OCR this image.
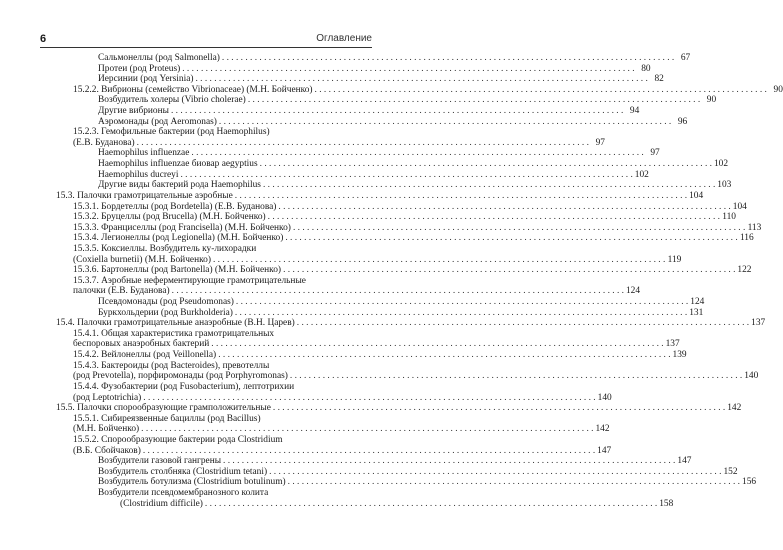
6	Оглавление
Сальмонеллы (род Salmonella) . . .	67
Протеи (род Proteus) . . .	80
Иерсинии (род Yersinia) . . .	82
15.2.2. Вибрионы (семейство Vibrionaceae) (М.Н. Бойченко) . . .	90
Возбудитель холеры (Vibrio cholerae) . . .	90
Другие вибрионы . . .	94
Аэромонады (род Aeromonas) . . .	96
15.2.3. Гемофильные бактерии (род Haemophilus)
(Е.В. Буданова) . . .	97
Haemophilus influenzae . . .	97
Haemophilus influenzae биовар aegyptius . . .	102
Haemophilus ducreyi . . .	102
Другие виды бактерий рода Haemophilus . . .	103
15.3. Палочки грамотрицательные аэробные . . .	104
15.3.1. Бордетеллы (род Bordetella) (Е.В. Буданова) . . .	104
15.3.2. Бруцеллы (род Brucella) (М.Н. Бойченко) . . .	110
15.3.3. Франциселлы (род Francisella) (М.Н. Бойченко) . . .	113
15.3.4. Легионеллы (род Legionella) (М.Н. Бойченко) . . .	116
15.3.5. Коксиеллы. Возбудитель ку-лихорадки
(Coxiella burnetii) (М.Н. Бойченко) . . .	119
15.3.6. Бартонеллы (род Bartonella) (М.Н. Бойченко) . . .	122
15.3.7. Аэробные неферментирующие грамотрицательные
палочки (Е.В. Буданова) . . .	124
Псевдомонады (род Pseudomonas) . . .	124
Буркхольдерии (род Burkholderia) . . .	131
15.4. Палочки грамотрицательные анаэробные (В.Н. Царев) . . .	137
15.4.1. Общая характеристика грамотрицательных
беспоровых анаэробных бактерий . . .	137
15.4.2. Вейлонеллы (род Veillonella) . . .	139
15.4.3. Бактероиды (род Bacteroides), превотеллы
(род Prevotella), порфиромонады (род Porphyromonas) . . .	140
15.4.4. Фузобактерии (род Fusobacterium), лептотрихии
(род Leptotrichia) . . .	140
15.5. Палочки спорообразующие грамположительные . . .	142
15.5.1. Сибиреязвенные бациллы (род Bacillus)
(М.Н. Бойченко) . . .	142
15.5.2. Спорообразующие бактерии рода Clostridium
(В.Б. Сбойчаков) . . .	147
Возбудители газовой гангрены . . .	147
Возбудитель столбняка (Clostridium tetani) . . .	152
Возбудитель ботулизма (Clostridium botulinum) . . .	156
Возбудители псевдомембранозного колита
(Clostridium difficile) . . .	158
